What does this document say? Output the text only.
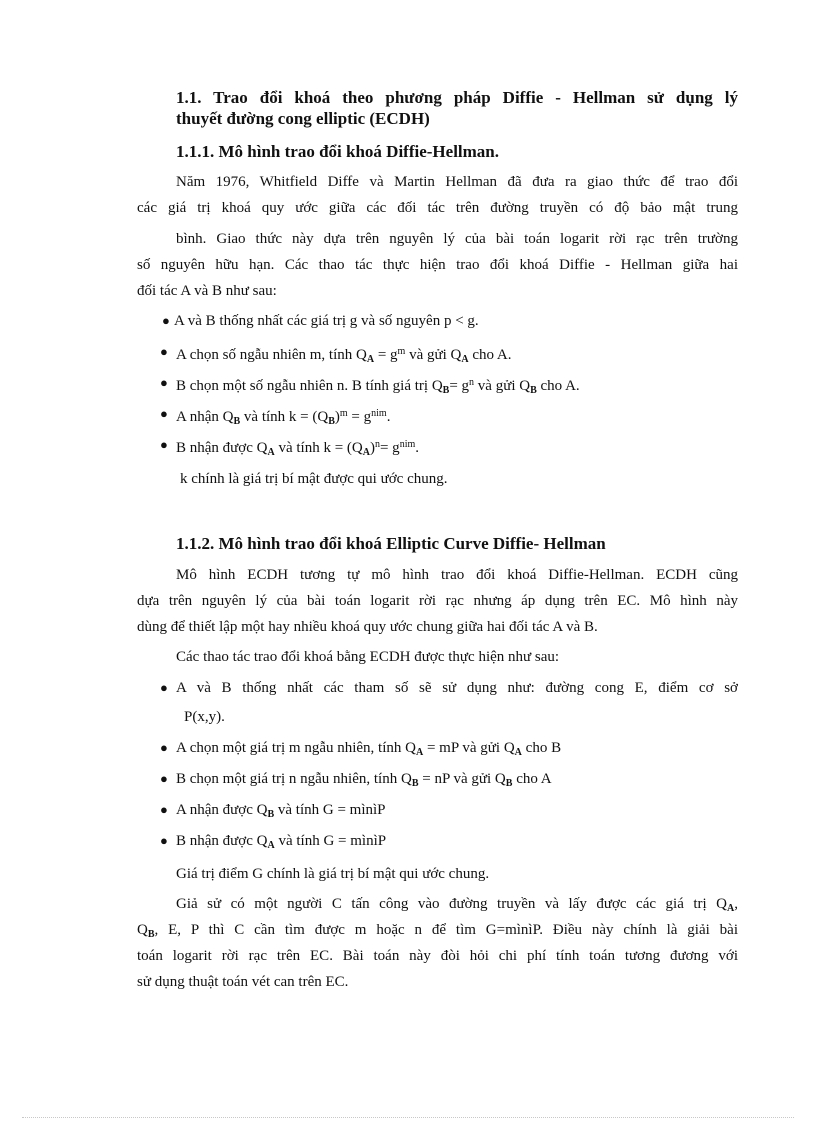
1.1. Trao đổi khoá theo phương pháp Diffie - Hellman sử dụng lý
thuyết đường cong elliptic (ECDH)
1.1.1. Mô hình trao đổi khoá Diffie-Hellman.
Năm 1976, Whitfield Diffe và Martin Hellman đã đưa ra giao thức để trao đổi
các giá trị khoá quy ước giữa các đối tác trên đường truyền có độ bảo mật trung
bình. Giao thức này dựa trên nguyên lý của bài toán logarit rời rạc trên trường
số nguyên hữu hạn. Các thao tác thực hiện trao đổi khoá Diffie - Hellman giữa hai
đối tác A và B như sau:
● A và B thống nhất các giá trị g và số nguyên p < g.
● A chọn số ngẫu nhiên m, tính $Q_A = g^m$ và gửi $Q_A$ cho A.
● B chọn một số ngẫu nhiên n. B tính giá trị $Q_B= g^n$ và gửi $Q_B$ cho A.
● A nhận $Q_B$ và tính $k = (Q_B)^m = g^{nim}$.
● B nhận được $Q_A$ và tính $k = (Q_A)^n= g^{nim}$.
k chính là giá trị bí mật được qui ước chung.
1.1.2. Mô hình trao đổi khoá Elliptic Curve Diffie- Hellman
Mô hình ECDH tương tự mô hình trao đổi khoá Diffie-Hellman. ECDH cũng
dựa trên nguyên lý của bài toán logarit rời rạc nhưng áp dụng trên EC. Mô hình này
dùng để thiết lập một hay nhiều khoá quy ước chung giữa hai đối tác A và B.
Các thao tác trao đổi khoá bằng ECDH được thực hiện như sau:
● A và B thống nhất các tham số sẽ sử dụng như: đường cong E, điểm cơ sở
P(x,y).
● A chọn một giá trị m ngẫu nhiên, tính $Q_A$ = mP và gửi $Q_A$ cho B
● B chọn một giá trị n ngẫu nhiên, tính $Q_B$ = nP và gửi $Q_B$ cho A
● A nhận được $Q_B$ và tính G = mìnìP
● B nhận được $Q_A$ và tính G = mìnìP
Giá trị điểm G chính là giá trị bí mật qui ước chung.
Giả sử có một người C tấn công vào đường truyền và lấy được các giá trị $Q_A$,
$Q_B$, E, P thì C cần tìm được m hoặc n để tìm G=mìnìP. Điều này chính là giải bài
toán logarit rời rạc trên EC. Bài toán này đòi hỏi chi phí tính toán tương đương với
sử dụng thuật toán vét can trên EC.
